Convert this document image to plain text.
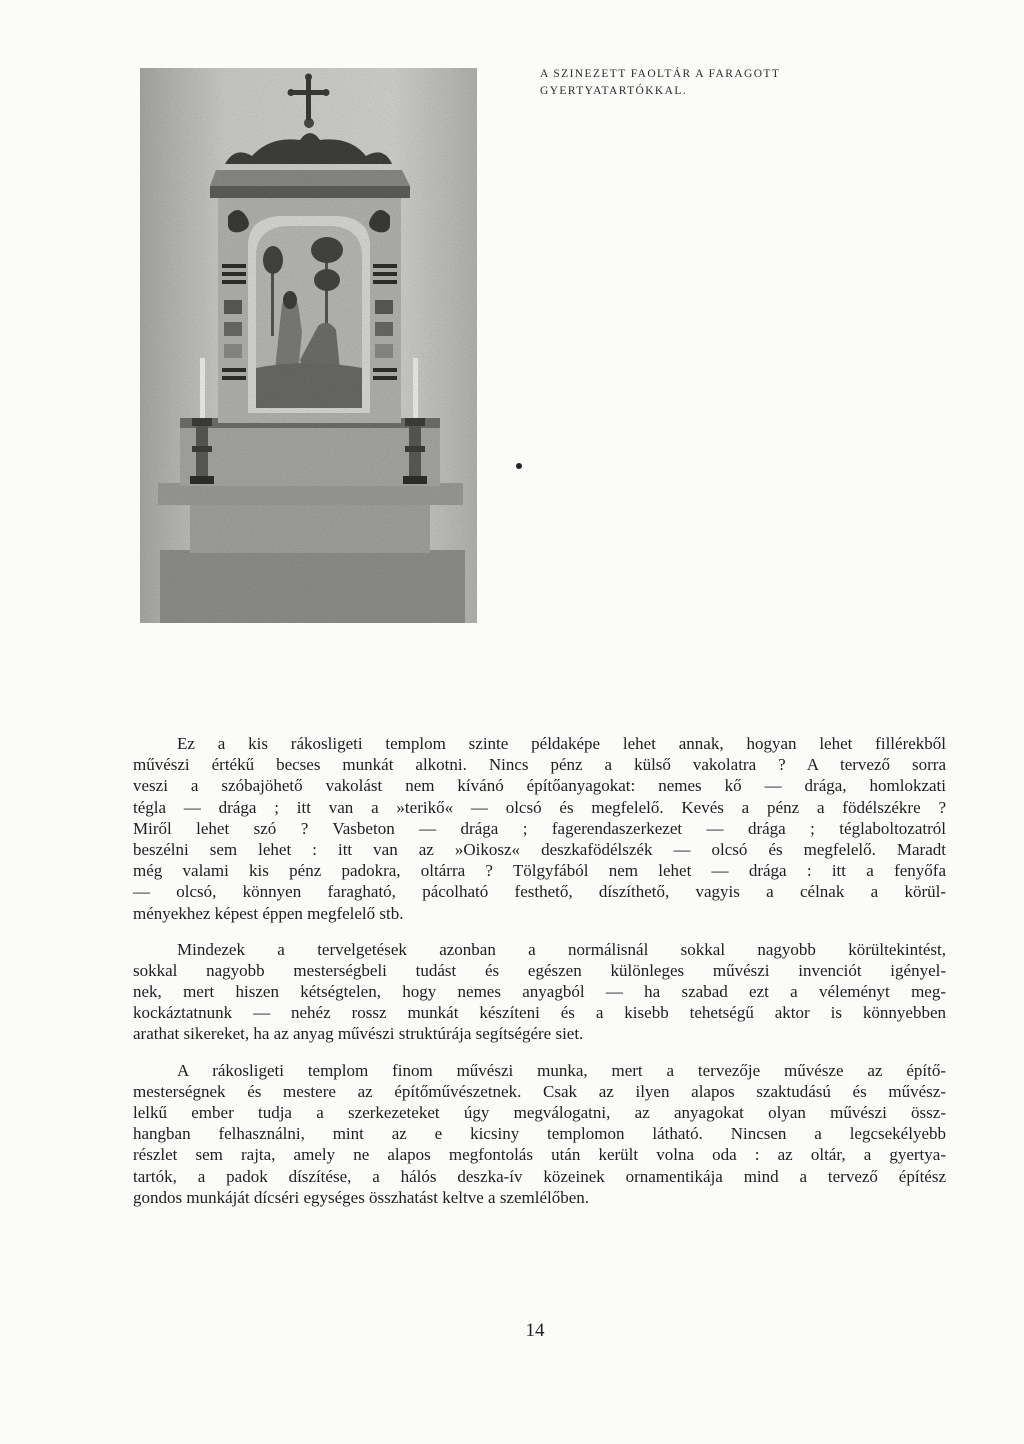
A SZINEZETT FAOLTÁR A FARAGOTT
GYERTYATARTÓKKAL.

Ez a kis rákosligeti templom szinte példaképe lehet annak, hogyan lehet fillérekből
művészi értékű becses munkát alkotni. Nincs pénz a külső vakolatra ? A tervező sorra
veszi a szóbajöhető vakolást nem kívánó építőanyagokat: nemes kő — drága, homlokzati
tégla — drága ; itt van a »terikő« — olcsó és megfelelő. Kevés a pénz a födélszékre ?
Miről lehet szó ? Vasbeton — drága ; fagerendaszerkezet — drága ; téglaboltozatról
beszélni sem lehet : itt van az »Oikosz« deszkafödélszék — olcsó és megfelelő. Maradt
még valami kis pénz padokra, oltárra ? Tölgyfából nem lehet — drága : itt a fenyőfa
— olcsó, könnyen faragható, pácolható festhető, díszíthető, vagyis a célnak a körül-
ményekhez képest éppen megfelelő stb.

Mindezek a tervelgetések azonban a normálisnál sokkal nagyobb körültekintést,
sokkal nagyobb mesterségbeli tudást és egészen különleges művészi invenciót igényel-
nek, mert hiszen kétségtelen, hogy nemes anyagból — ha szabad ezt a véleményt meg-
kockáztatnunk — nehéz rossz munkát készíteni és a kisebb tehetségű aktor is könnyebben
arathat sikereket, ha az anyag művészi struktúrája segítségére siet.

A rákosligeti templom finom művészi munka, mert a tervezője művésze az építő-
mesterségnek és mestere az építőművészetnek. Csak az ilyen alapos szaktudású és művész-
lelkű ember tudja a szerkezeteket úgy megválogatni, az anyagokat olyan művészi össz-
hangban felhasználni, mint az e kicsiny templomon látható. Nincsen a legcsekélyebb
részlet sem rajta, amely ne alapos megfontolás után került volna oda : az oltár, a gyertya-
tartók, a padok díszítése, a hálós deszka-ív közeinek ornamentikája mind a tervező építész
gondos munkáját dícséri egységes összhatást keltve a szemlélőben.

14
